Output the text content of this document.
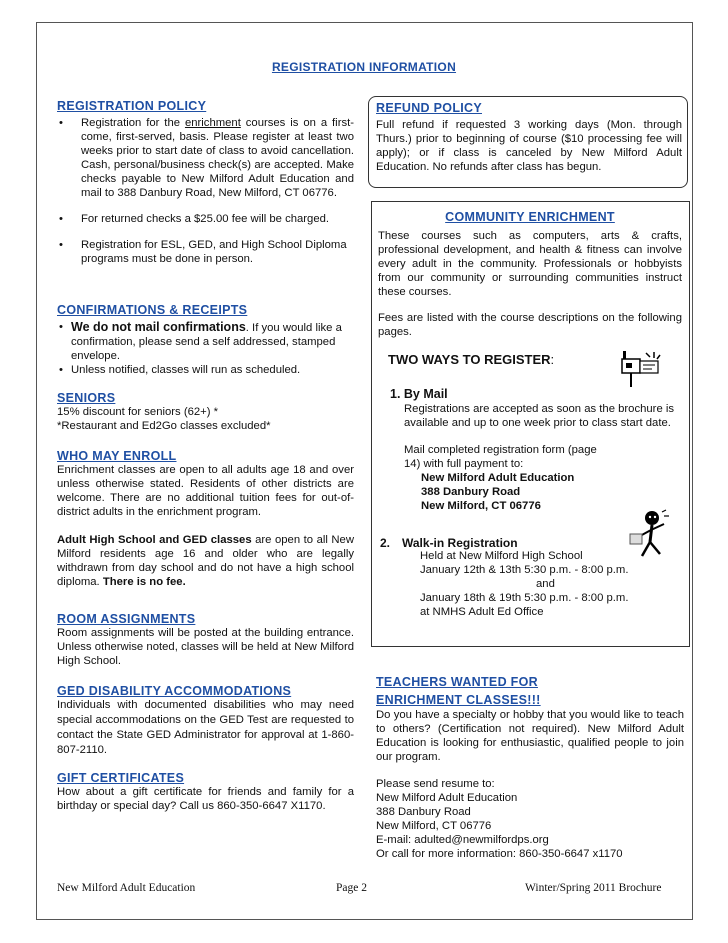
REGISTRATION INFORMATION
REGISTRATION POLICY
•	Registration for the enrichment courses is on a first-come, first-served, basis. Please register at least two weeks prior to start date of class to avoid cancellation. Cash, personal/business check(s) are accepted. Make checks payable to New Milford Adult Education and mail to 388 Danbury Road, New Milford, CT 06776.
•	For returned checks a $25.00 fee will be charged.
•	Registration for ESL, GED, and High School Diploma programs must be done in person.
CONFIRMATIONS & RECEIPTS
• We do not mail confirmations. If you would like a confirmation, please send a self addressed, stamped envelope.
• Unless notified, classes will run as scheduled.
SENIORS
15% discount for seniors (62+) *
*Restaurant and Ed2Go classes excluded*
WHO MAY ENROLL
Enrichment classes are open to all adults age 18 and over unless otherwise stated. Residents of other districts are welcome. There are no additional tuition fees for out-of-district adults in the enrichment program.
Adult High School and GED classes are open to all New Milford residents age 16 and older who are legally withdrawn from day school and do not have a high school diploma. There is no fee.
ROOM ASSIGNMENTS
Room assignments will be posted at the building entrance. Unless otherwise noted, classes will be held at New Milford High School.
GED DISABILITY ACCOMMODATIONS
Individuals with documented disabilities who may need special accommodations on the GED Test are requested to contact the State GED Administrator for approval at 1-860-807-2110.
GIFT CERTIFICATES
How about a gift certificate for friends and family for a birthday or special day? Call us 860-350-6647 X1170.
REFUND POLICY
Full refund if requested 3 working days (Mon. through Thurs.) prior to beginning of course ($10 processing fee will apply); or if class is canceled by New Milford Adult Education. No refunds after class has begun.
COMMUNITY ENRICHMENT
These courses such as computers, arts & crafts, professional development, and health & fitness can involve every adult in the community. Professionals or hobbyists from our community or surrounding communities instruct these courses.
Fees are listed with the course descriptions on the following pages.
TWO WAYS TO REGISTER:
1. By Mail
Registrations are accepted as soon as the brochure is available and up to one week prior to class start date.
Mail completed registration form (page 14) with full payment to:
New Milford Adult Education
388 Danbury Road
New Milford, CT 06776
2. Walk-in Registration
Held at New Milford High School
January 12th & 13th 5:30 p.m. - 8:00 p.m.
and
January 18th & 19th 5:30 p.m. - 8:00 p.m.
at NMHS Adult Ed Office
TEACHERS WANTED FOR
ENRICHMENT CLASSES!!!
Do you have a specialty or hobby that you would like to teach to others? (Certification not required). New Milford Adult Education is looking for enthusiastic, qualified people to join our program.
Please send resume to:
New Milford Adult Education
388 Danbury Road
New Milford, CT 06776
E-mail: adulted@newmilfordps.org
Or call for more information: 860-350-6647 x1170
New Milford Adult Education	Page 2	Winter/Spring 2011 Brochure
